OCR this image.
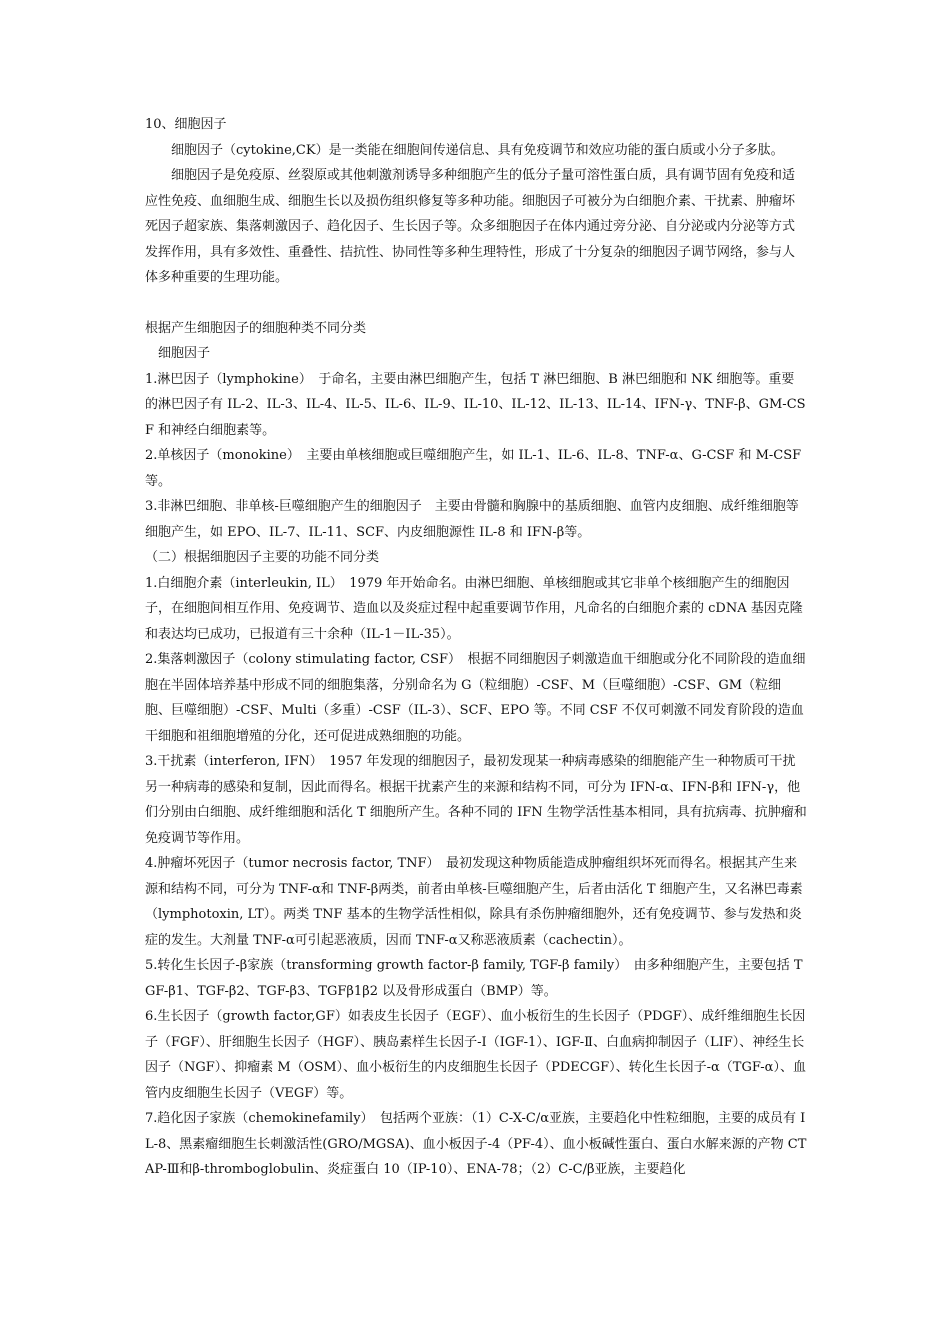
10、细胞因子

细胞因子（cytokine,CK）是一类能在细胞间传递信息、具有免疫调节和效应功能的蛋白质或小分子多肽。

细胞因子是免疫原、丝裂原或其他刺激剂诱导多种细胞产生的低分子量可溶性蛋白质，具有调节固有免疫和适应性免疫、血细胞生成、细胞生长以及损伤组织修复等多种功能。细胞因子可被分为白细胞介素、干扰素、肿瘤坏死因子超家族、集落刺激因子、趋化因子、生长因子等。众多细胞因子在体内通过旁分泌、自分泌或内分泌等方式发挥作用，具有多效性、重叠性、拮抗性、协同性等多种生理特性，形成了十分复杂的细胞因子调节网络，参与人体多种重要的生理功能。

根据产生细胞因子的细胞种类不同分类

细胞因子

1.淋巴因子（lymphokine）　于命名，主要由淋巴细胞产生，包括 T 淋巴细胞、B 淋巴细胞和 NK 细胞等。重要的淋巴因子有 IL-2、IL-3、IL-4、IL-5、IL-6、IL-9、IL-10、IL-12、IL-13、IL-14、IFN-γ、TNF-β、GM-CSF 和神经白细胞素等。

2.单核因子（monokine）　主要由单核细胞或巨噬细胞产生，如 IL-1、IL-6、IL-8、TNF-α、G-CSF 和 M-CSF 等。

3.非淋巴细胞、非单核-巨噬细胞产生的细胞因子　主要由骨髓和胸腺中的基质细胞、血管内皮细胞、成纤维细胞等细胞产生，如 EPO、IL-7、IL-11、SCF、内皮细胞源性 IL-8 和 IFN-β等。

（二）根据细胞因子主要的功能不同分类

1.白细胞介素（interleukin, IL）　1979 年开始命名。由淋巴细胞、单核细胞或其它非单个核细胞产生的细胞因子，在细胞间相互作用、免疫调节、造血以及炎症过程中起重要调节作用，凡命名的白细胞介素的 cDNA 基因克隆和表达均已成功，已报道有三十余种（IL-1－IL-35）。

2.集落刺激因子（colony stimulating factor, CSF）　根据不同细胞因子刺激造血干细胞或分化不同阶段的造血细胞在半固体培养基中形成不同的细胞集落，分别命名为 G（粒细胞）-CSF、M（巨噬细胞）-CSF、GM（粒细胞、巨噬细胞）-CSF、Multi（多重）-CSF（IL-3）、SCF、EPO 等。不同 CSF 不仅可刺激不同发育阶段的造血干细胞和祖细胞增殖的分化，还可促进成熟细胞的功能。

3.干扰素（interferon, IFN）　1957 年发现的细胞因子，最初发现某一种病毒感染的细胞能产生一种物质可干扰另一种病毒的感染和复制，因此而得名。根据干扰素产生的来源和结构不同，可分为 IFN-α、IFN-β和 IFN-γ，他们分别由白细胞、成纤维细胞和活化 T 细胞所产生。各种不同的 IFN 生物学活性基本相同，具有抗病毒、抗肿瘤和免疫调节等作用。

4.肿瘤坏死因子（tumor necrosis factor, TNF）　最初发现这种物质能造成肿瘤组织坏死而得名。根据其产生来源和结构不同，可分为 TNF-α和 TNF-β两类，前者由单核-巨噬细胞产生，后者由活化 T 细胞产生，又名淋巴毒素（lymphotoxin, LT）。两类 TNF 基本的生物学活性相似，除具有杀伤肿瘤细胞外，还有免疫调节、参与发热和炎症的发生。大剂量 TNF-α可引起恶液质，因而 TNF-α又称恶液质素（cachectin）。

5.转化生长因子-β家族（transforming growth factor-β family, TGF-β family）　由多种细胞产生，主要包括 TGF-β1、TGF-β2、TGF-β3、TGFβ1β2 以及骨形成蛋白（BMP）等。

6.生长因子（growth factor,GF）如表皮生长因子（EGF）、血小板衍生的生长因子（PDGF）、成纤维细胞生长因子（FGF）、肝细胞生长因子（HGF）、胰岛素样生长因子-I（IGF-1）、IGF-Ⅱ、白血病抑制因子（LIF）、神经生长因子（NGF）、抑瘤素 M（OSM）、血小板衍生的内皮细胞生长因子（PDECGF）、转化生长因子-α（TGF-α）、血管内皮细胞生长因子（VEGF）等。

7.趋化因子家族（chemokinefamily）　包括两个亚族：（1）C-X-C/α亚族，主要趋化中性粒细胞，主要的成员有 IL-8、黑素瘤细胞生长刺激活性(GRO/MGSA)、血小板因子-4（PF-4）、血小板碱性蛋白、蛋白水解来源的产物 CTAP-Ⅲ和β-thromboglobulin、炎症蛋白 10（IP-10）、ENA-78；（2）C-C/β亚族，主要趋化
